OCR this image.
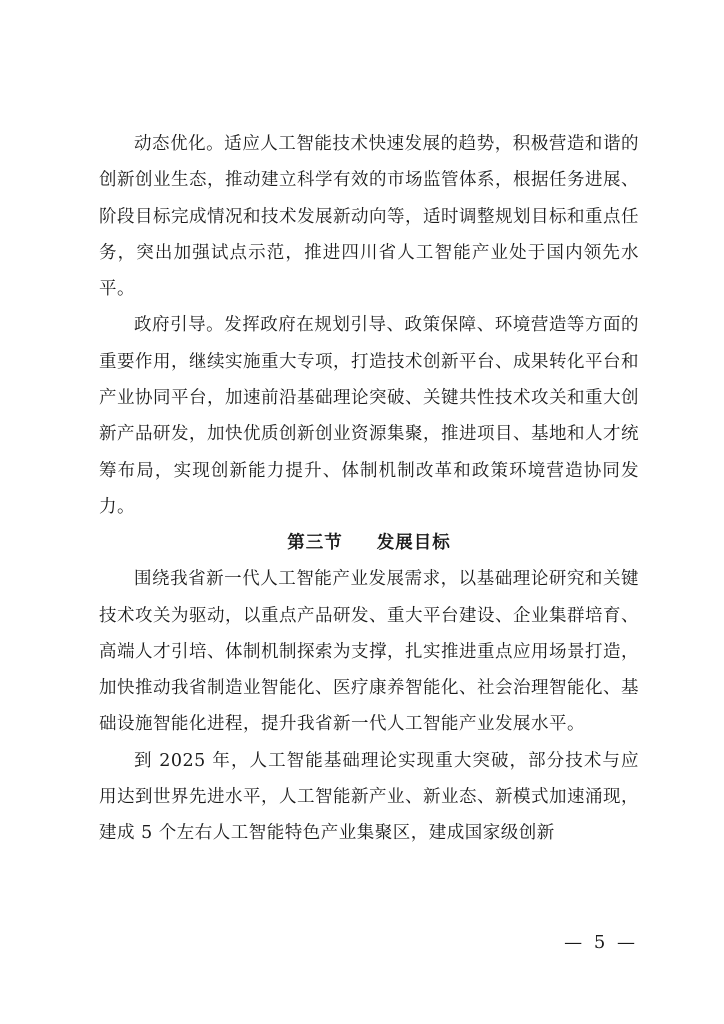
动态优化。适应人工智能技术快速发展的趋势，积极营造和谐的创新创业生态，推动建立科学有效的市场监管体系，根据任务进展、阶段目标完成情况和技术发展新动向等，适时调整规划目标和重点任务，突出加强试点示范，推进四川省人工智能产业处于国内领先水平。

政府引导。发挥政府在规划引导、政策保障、环境营造等方面的重要作用，继续实施重大专项，打造技术创新平台、成果转化平台和产业协同平台，加速前沿基础理论突破、关键共性技术攻关和重大创新产品研发，加快优质创新创业资源集聚，推进项目、基地和人才统筹布局，实现创新能力提升、体制机制改革和政策环境营造协同发力。

第三节 发展目标

围绕我省新一代人工智能产业发展需求，以基础理论研究和关键技术攻关为驱动，以重点产品研发、重大平台建设、企业集群培育、高端人才引培、体制机制探索为支撑，扎实推进重点应用场景打造，加快推动我省制造业智能化、医疗康养智能化、社会治理智能化、基础设施智能化进程，提升我省新一代人工智能产业发展水平。

到 2025 年，人工智能基础理论实现重大突破，部分技术与应用达到世界先进水平，人工智能新产业、新业态、新模式加速涌现，建成 5 个左右人工智能特色产业集聚区，建成国家级创新

— 5 —
